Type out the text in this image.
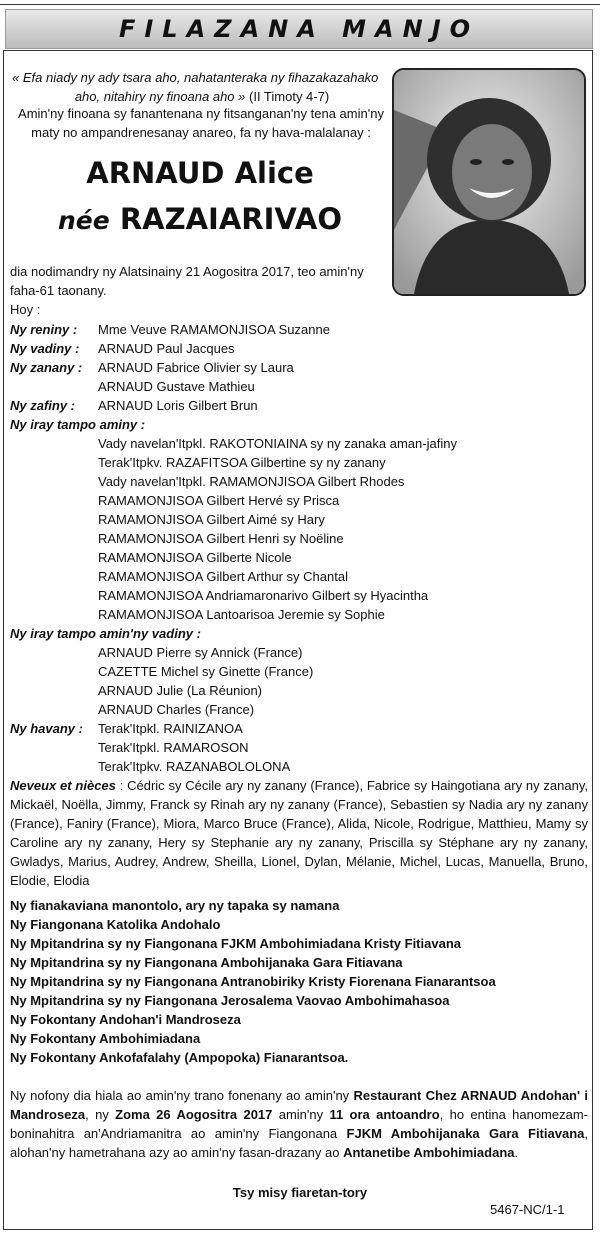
FILAZANA MANJO
« Efa niady ny ady tsara aho, nahatanteraka ny fihazakazahako
aho, nitahiry ny finoana aho » (II Timoty 4-7)
Amin'ny finoana sy fanantenana ny fitsanganan'ny tena amin'ny
maty no ampandrenesanay anareo, fa ny hava-malalanay :
ARNAUD Alice
née RAZAIARIVAO
dia nodimandry ny Alatsinainy 21 Aogositra 2017, teo amin'ny
faha-61 taonany.
Hoy :
Ny reniny : Mme Veuve RAMAMONJISOA Suzanne
Ny vadiny : ARNAUD Paul Jacques
Ny zanany : ARNAUD Fabrice Olivier sy Laura
ARNAUD Gustave Mathieu
Ny zafiny : ARNAUD Loris Gilbert Brun
Ny iray tampo aminy :
Vady navelan'Itpkl. RAKOTONIAINA sy ny zanaka aman-jafiny
Terak'Itpkv. RAZAFITSOA Gilbertine sy ny zanany
Vady navelan'Itpkl. RAMAMONJISOA Gilbert Rhodes
RAMAMONJISOA Gilbert Hervé sy Prisca
RAMAMONJISOA Gilbert Aimé sy Hary
RAMAMONJISOA Gilbert Henri sy Noëline
RAMAMONJISOA Gilberte Nicole
RAMAMONJISOA Gilbert Arthur sy Chantal
RAMAMONJISOA Andriamaronarivo Gilbert sy Hyacintha
RAMAMONJISOA Lantoarisoa Jeremie sy Sophie
Ny iray tampo amin'ny vadiny :
ARNAUD Pierre sy Annick (France)
CAZETTE Michel sy Ginette (France)
ARNAUD Julie (La Réunion)
ARNAUD Charles (France)
Ny havany : Terak'Itpkl. RAINIZANOA
Terak'Itpkl. RAMAROSON
Terak'Itpkv. RAZANABOLOLONA
Neveux et nièces : Cédric sy Cécile ary ny zanany (France), Fabrice sy Haingotiana ary ny zanany, Mickaël, Noëlla, Jimmy, Franck sy Rinah ary ny zanany (France), Sebastien sy Nadia ary ny zanany (France), Faniry (France), Miora, Marco Bruce (France), Alida, Nicole, Rodrigue, Matthieu, Mamy sy Caroline ary ny zanany, Hery sy Stephanie ary ny zanany, Priscilla sy Stéphane ary ny zanany, Gwladys, Marius, Audrey, Andrew, Sheilla, Lionel, Dylan, Mélanie, Michel, Lucas, Manuella, Bruno, Elodie, Elodia
Ny fianakaviana manontolo, ary ny tapaka sy namana
Ny Fiangonana Katolika Andohalo
Ny Mpitandrina sy ny Fiangonana FJKM Ambohimiadana Kristy Fitiavana
Ny Mpitandrina sy ny Fiangonana Ambohijanaka Gara Fitiavana
Ny Mpitandrina sy ny Fiangonana Antranobiriky Kristy Fiorenana Fianarantsoa
Ny Mpitandrina sy ny Fiangonana Jerosalema Vaovao Ambohimahasoa
Ny Fokontany Andohan'i Mandroseza
Ny Fokontany Ambohimiadana
Ny Fokontany Ankofafalahy (Ampopoka) Fianarantsoa.
Ny nofony dia hiala ao amin'ny trano fonenany ao amin'ny Restaurant Chez ARNAUD Andohan' i Mandroseza, ny Zoma 26 Aogositra 2017 amin'ny 11 ora antoandro, ho entina hanomezam-boninahitra an'Andriamanitra ao amin'ny Fiangonana FJKM Ambohijanaka Gara Fitiavana, alohan'ny hametrahana azy ao amin'ny fasan-drazany ao Antanetibe Ambohimiadana.
Tsy misy fiaretan-tory
5467-NC/1-1
